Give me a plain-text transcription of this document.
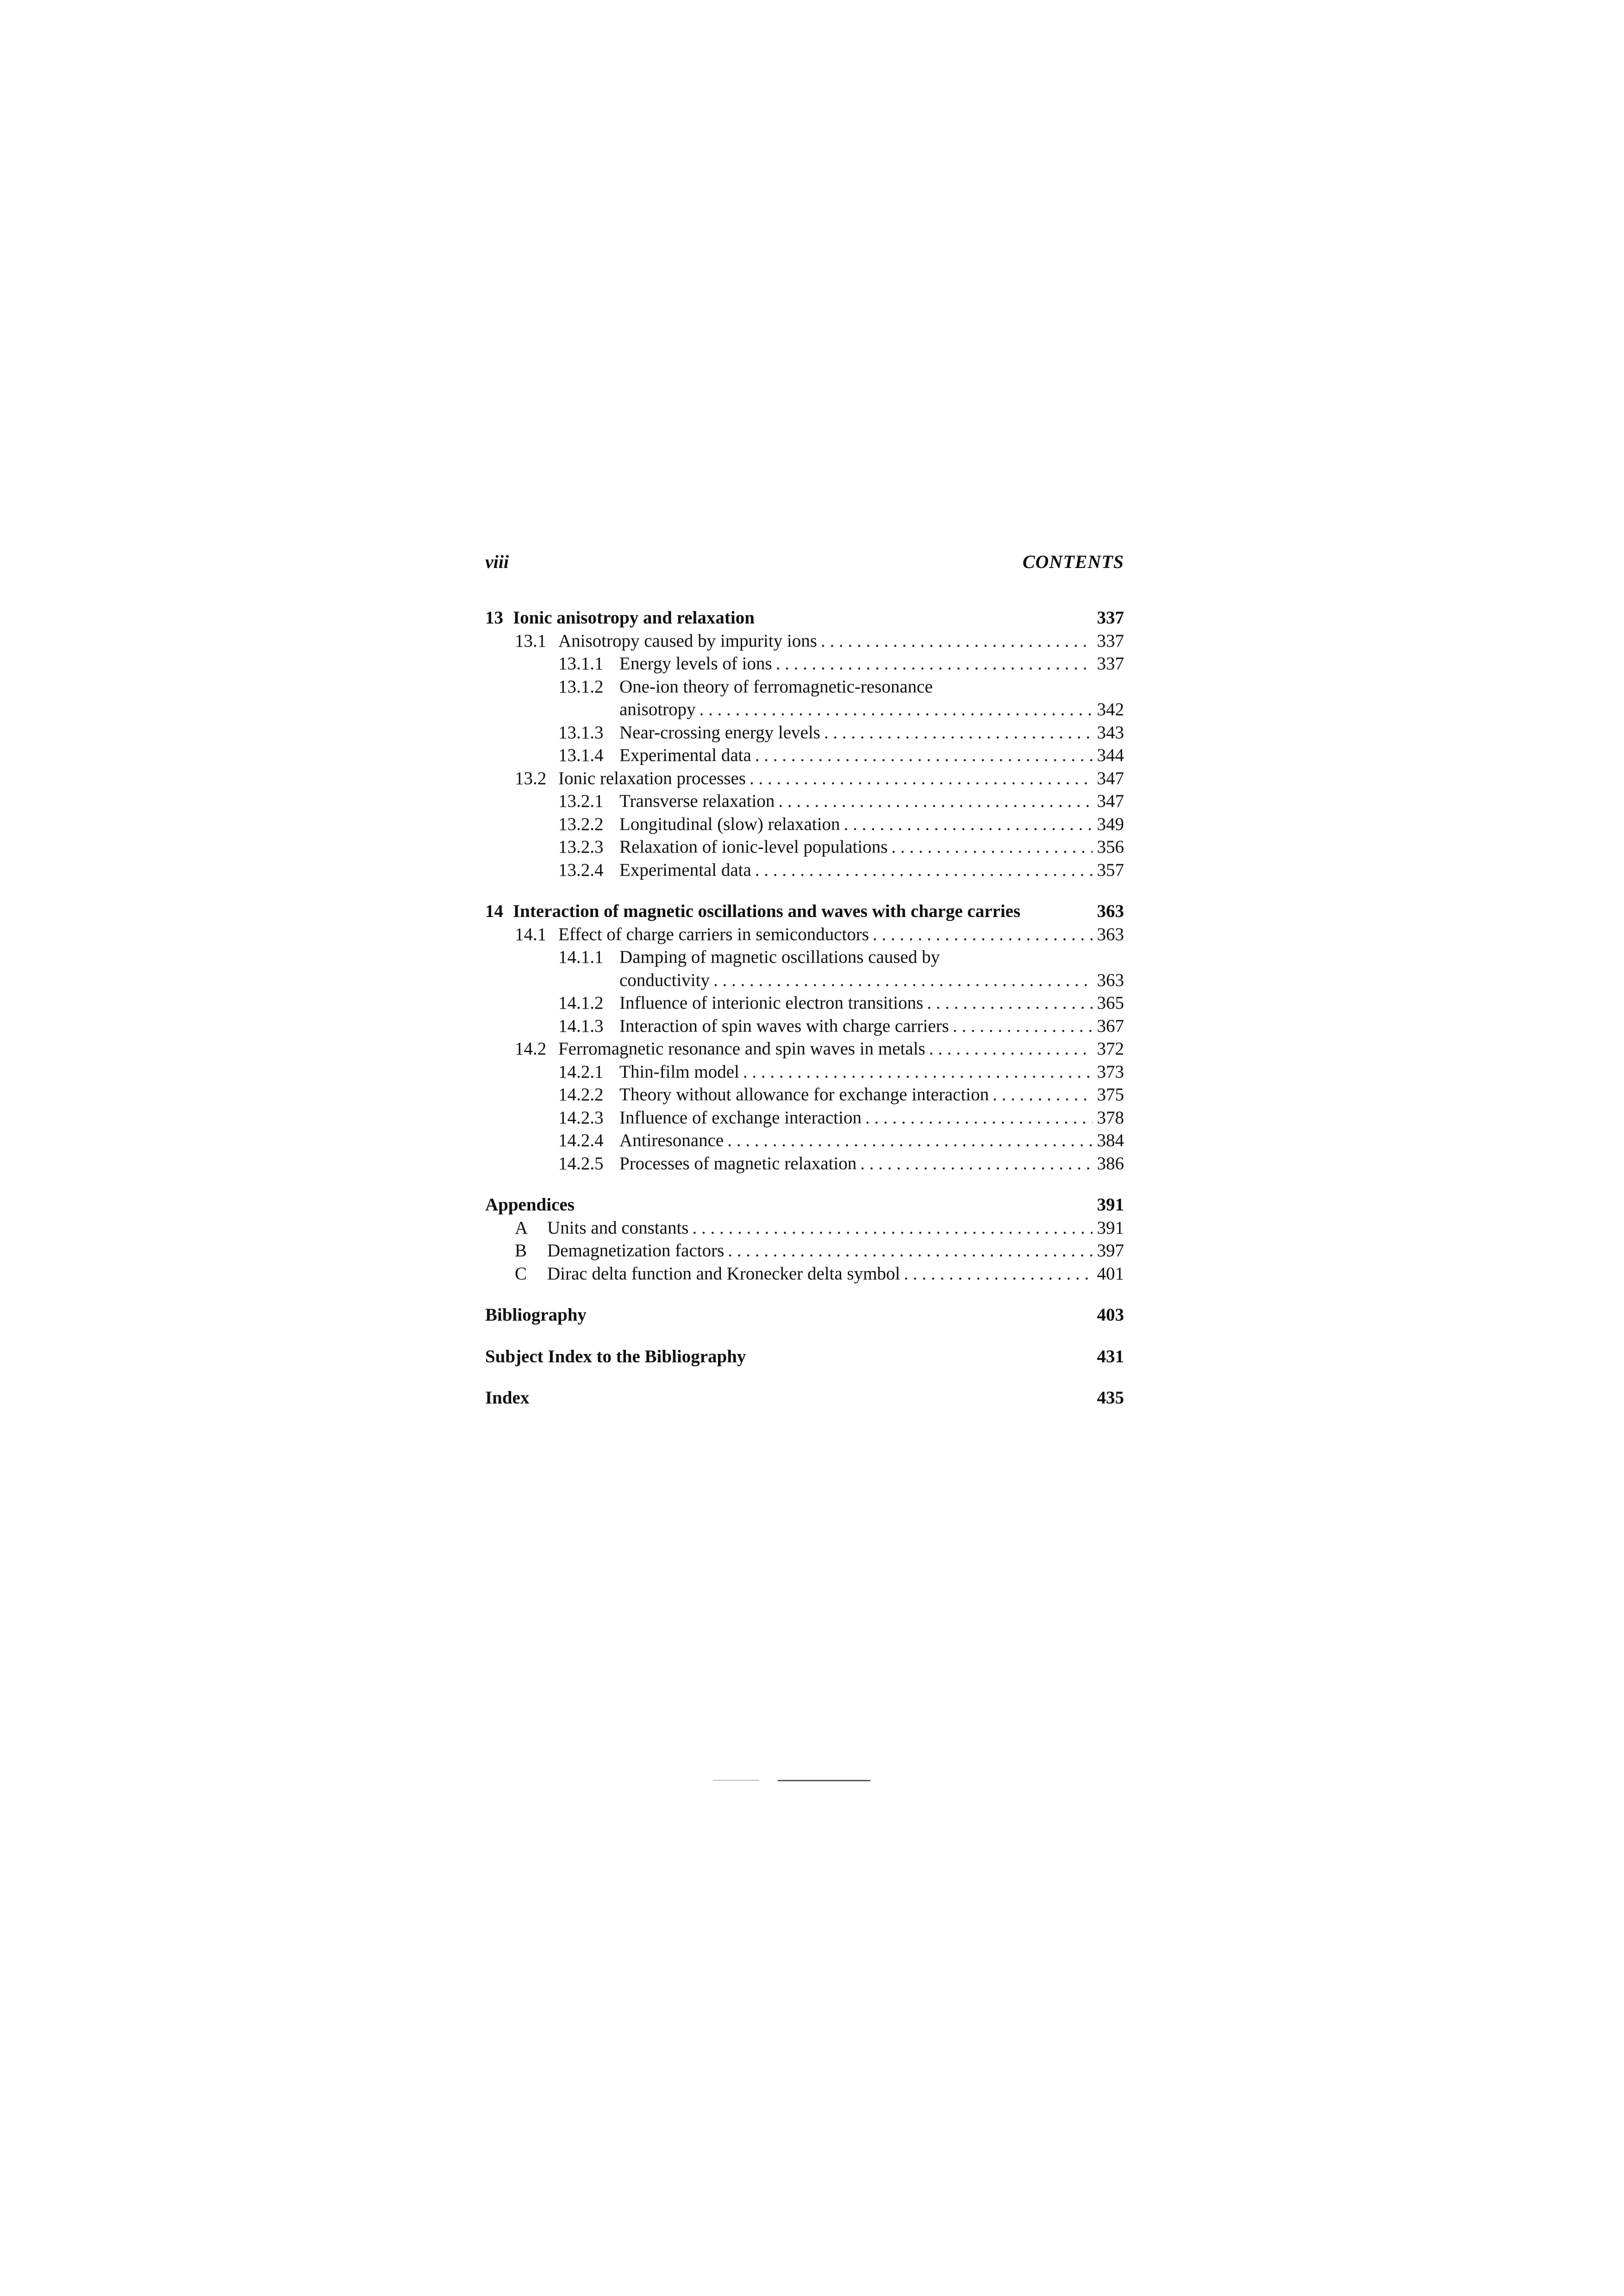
viii	CONTENTS
13 Ionic anisotropy and relaxation	337
13.1 Anisotropy caused by impurity ions . . .	337
13.1.1 Energy levels of ions . . .	337
13.1.2 One-ion theory of ferromagnetic-resonance
anisotropy . . .	342
13.1.3 Near-crossing energy levels . . .	343
13.1.4 Experimental data . . .	344
13.2 Ionic relaxation processes . . .	347
13.2.1 Transverse relaxation . . .	347
13.2.2 Longitudinal (slow) relaxation . . .	349
13.2.3 Relaxation of ionic-level populations . . .	356
13.2.4 Experimental data . . .	357
14 Interaction of magnetic oscillations and waves with charge carries	363
14.1 Effect of charge carriers in semiconductors . . .	363
14.1.1 Damping of magnetic oscillations caused by
conductivity . . .	363
14.1.2 Influence of interionic electron transitions . . .	365
14.1.3 Interaction of spin waves with charge carriers . . .	367
14.2 Ferromagnetic resonance and spin waves in metals . . .	372
14.2.1 Thin-film model . . .	373
14.2.2 Theory without allowance for exchange interaction . . .	375
14.2.3 Influence of exchange interaction . . .	378
14.2.4 Antiresonance . . .	384
14.2.5 Processes of magnetic relaxation . . .	386
Appendices	391
A	Units and constants . . .	391
B	Demagnetization factors . . .	397
C	Dirac delta function and Kronecker delta symbol . . .	401
Bibliography	403
Subject Index to the Bibliography	431
Index	435
